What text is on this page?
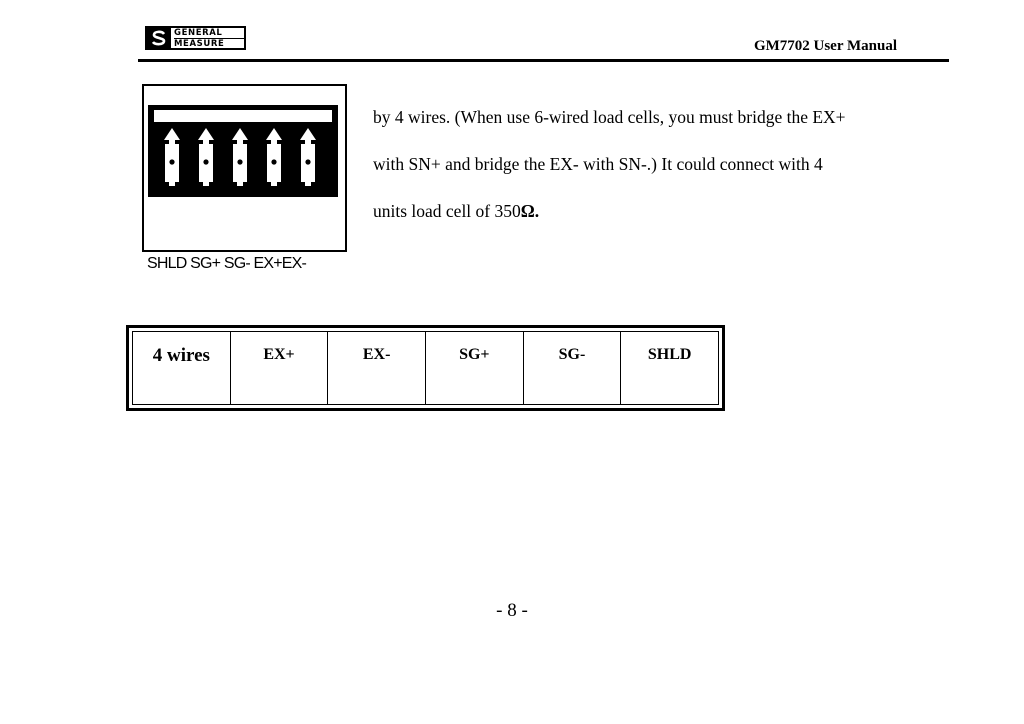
GENERAL
MEASURE	GM7702 User Manual
SHLD SG+ SG- EX+EX-

by 4 wires. (When use 6-wired load cells, you must bridge the EX+

with SN+ and bridge the EX- with SN-.) It could connect with 4

units load cell of 350Ω.

4 wires	EX+	EX-	SG+	SG-	SHLD
- 8 -
